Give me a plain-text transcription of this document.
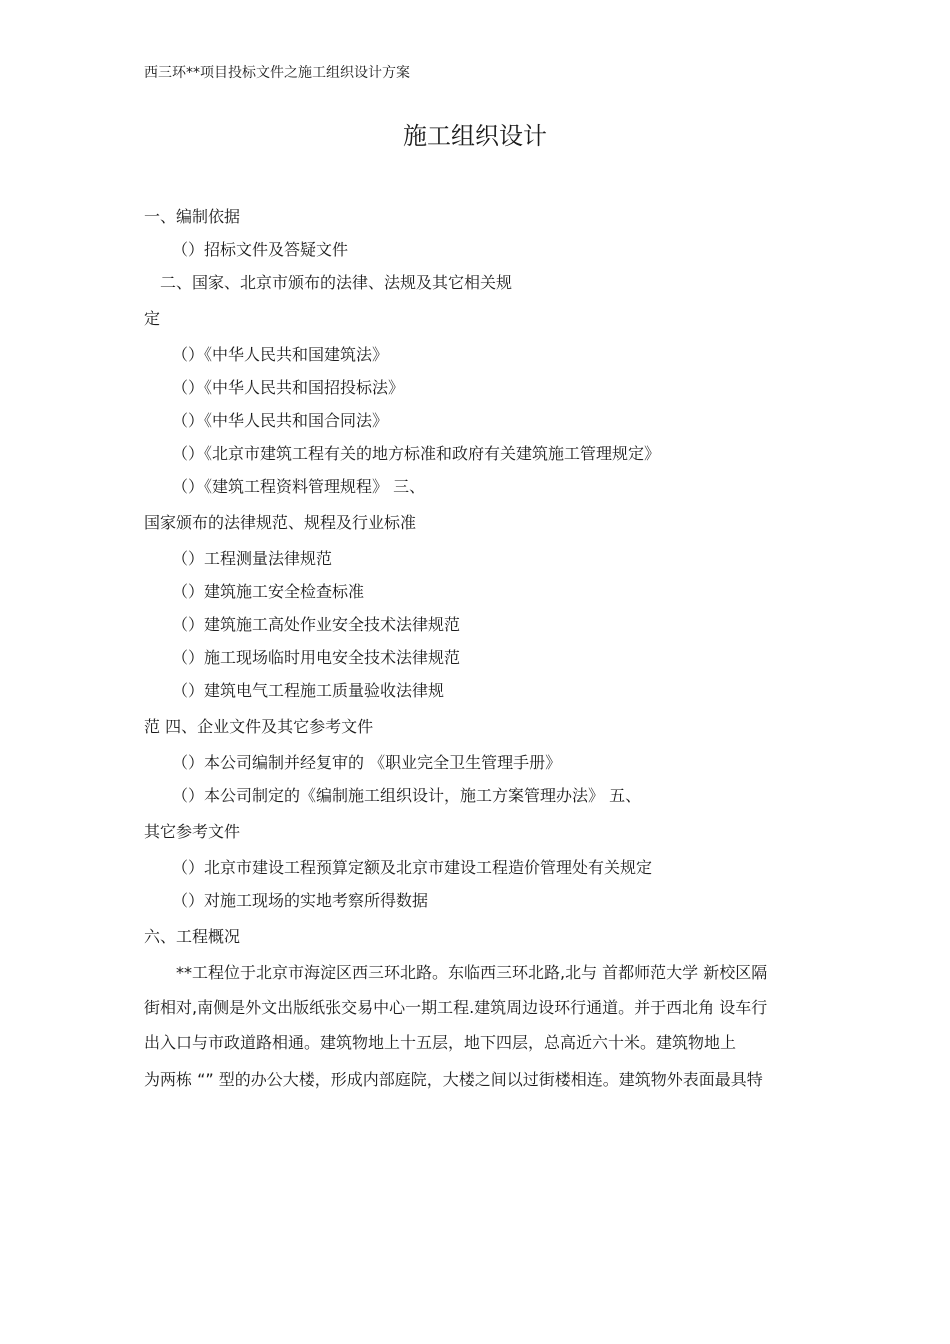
西三环**项目投标文件之施工组织设计方案
施工组织设计
一、编制依据
（）招标文件及答疑文件
二、国家、北京市颁布的法律、法规及其它相关规
定
（）《中华人民共和国建筑法》
（）《中华人民共和国招投标法》
（）《中华人民共和国合同法》
（）《北京市建筑工程有关的地方标准和政府有关建筑施工管理规定》
（）《建筑工程资料管理规程》 三、
国家颁布的法律规范、规程及行业标准
（）工程测量法律规范
（）建筑施工安全检查标准
（）建筑施工高处作业安全技术法律规范
（）施工现场临时用电安全技术法律规范
（）建筑电气工程施工质量验收法律规
范 四、企业文件及其它参考文件
（）本公司编制并经复审的 《职业完全卫生管理手册》
（）本公司制定的《编制施工组织设计，施工方案管理办法》 五、
其它参考文件
（）北京市建设工程预算定额及北京市建设工程造价管理处有关规定
（）对施工现场的实地考察所得数据
六、工程概况
**工程位于北京市海淀区西三环北路。东临西三环北路,北与 首都师范大学 新校区隔
街相对,南侧是外文出版纸张交易中心一期工程.建筑周边设环行通道。并于西北角 设车行
出入口与市政道路相通。建筑物地上十五层，地下四层，总高近六十米。建筑物地上
为两栋 “” 型的办公大楼，形成内部庭院，大楼之间以过街楼相连。建筑物外表面最具特
